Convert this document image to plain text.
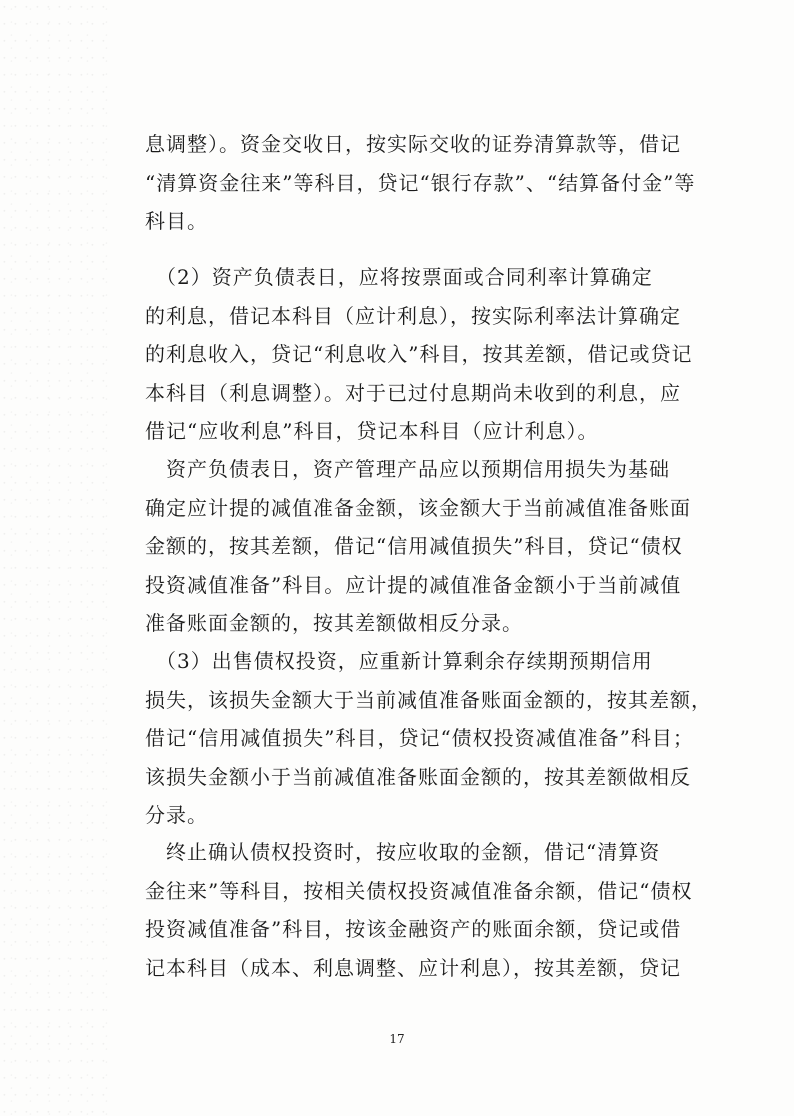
息调整）。资金交收日，按实际交收的证券清算款等，借记
“清算资金往来”等科目，贷记“银行存款”、“结算备付金”等
科目。
　（2）资产负债表日，应将按票面或合同利率计算确定
的利息，借记本科目（应计利息），按实际利率法计算确定
的利息收入，贷记“利息收入”科目，按其差额，借记或贷记
本科目（利息调整）。对于已过付息期尚未收到的利息，应
借记“应收利息”科目，贷记本科目（应计利息）。
　资产负债表日，资产管理产品应以预期信用损失为基础
确定应计提的减值准备金额，该金额大于当前减值准备账面
金额的，按其差额，借记“信用减值损失”科目，贷记“债权
投资减值准备”科目。应计提的减值准备金额小于当前减值
准备账面金额的，按其差额做相反分录。
　（3）出售债权投资，应重新计算剩余存续期预期信用
损失，该损失金额大于当前减值准备账面金额的，按其差额，
借记“信用减值损失”科目，贷记“债权投资减值准备”科目；
该损失金额小于当前减值准备账面金额的，按其差额做相反
分录。
　终止确认债权投资时，按应收取的金额，借记“清算资
金往来”等科目，按相关债权投资减值准备余额，借记“债权
投资减值准备”科目，按该金融资产的账面余额，贷记或借
记本科目（成本、利息调整、应计利息），按其差额，贷记
17
